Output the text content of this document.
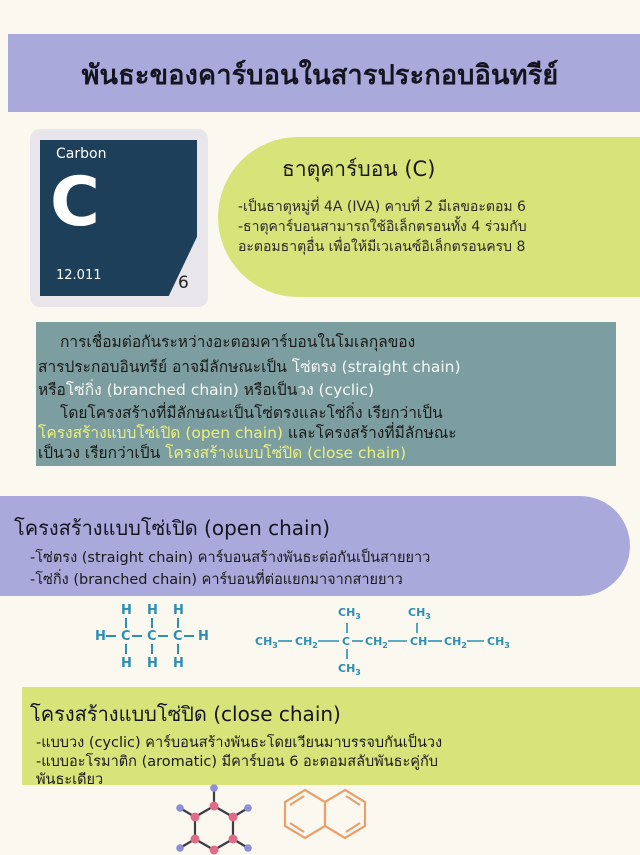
พันธะของคาร์บอนในสารประกอบอินทรีย์
Carbon
C
12.011	6
ธาตุคาร์บอน (C)
-เป็นธาตุหมู่ที่ 4A (IVA) คาบที่ 2 มีเลขอะตอม 6
-ธาตุคาร์บอนสามารถใช้อิเล็กตรอนทั้ง 4 ร่วมกับ
อะตอมธาตุอื่น เพื่อให้มีเวเลนซ์อิเล็กตรอนครบ 8
การเชื่อมต่อกันระหว่างอะตอมคาร์บอนในโมเลกุลของ
สารประกอบอินทรีย์ อาจมีลักษณะเป็น โซ่ตรง (straight chain)
หรือโซ่กิ่ง (branched chain) หรือเป็นวง (cyclic)
โดยโครงสร้างที่มีลักษณะเป็นโซ่ตรงและโซ่กิ่ง เรียกว่าเป็น
โครงสร้างแบบโซ่เปิด (open chain) และโครงสร้างที่มีลักษณะ
เป็นวง เรียกว่าเป็น โครงสร้างแบบโซ่ปิด (close chain)
โครงสร้างแบบโซ่เปิด (open chain)
-โซ่ตรง (straight chain) คาร์บอนสร้างพันธะต่อกันเป็นสายยาว
-โซ่กิ่ง (branched chain) คาร์บอนที่ต่อแยกมาจากสายยาว
H H H
H C C C H
H H H
$CH_3$	$CH_3$
$CH_3$ $CH_2$ C $CH_2$ CH $CH_2$ $CH_3$
$CH_3$
โครงสร้างแบบโซ่ปิด (close chain)
-แบบวง (cyclic) คาร์บอนสร้างพันธะโดยเวียนมาบรรจบกันเป็นวง
-แบบอะโรมาติก (aromatic) มีคาร์บอน 6 อะตอมสลับพันธะคู่กับ
พันธะเดียว
